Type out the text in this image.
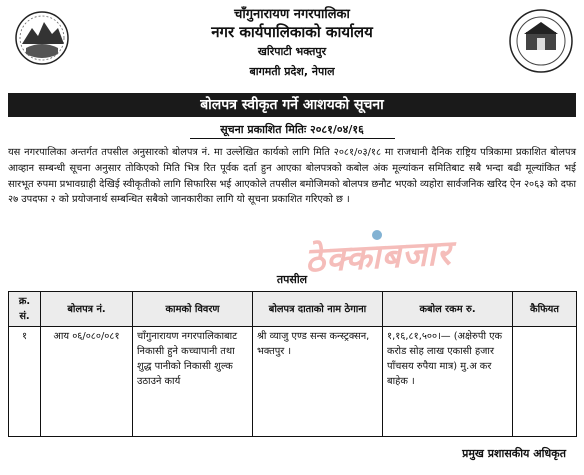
चाँगुनारायण नगरपालिका
नगर कार्यपालिकाको कार्यालय
खरिपाटी भक्तपुर
बागमती प्रदेश, नेपाल
बोलपत्र स्वीकृत गर्ने आशयको सूचना
सूचना प्रकाशित मितिः २०८१/०४/१६
यस नगरपालिका अन्तर्गत तपसील अनुसारको बोलपत्र नं. मा उल्लेखित कार्यको लागि मिति २०८१/०३/१८ मा राजधानी दैनिक राष्ट्रिय पत्रिकामा प्रकाशित बोलपत्र आव्हान सम्बन्धी सूचना अनुसार तोकिएको मिति भित्र रित पूर्वक दर्ता हुन आएका बोलपत्रको कबोल अंक मूल्यांकन समितिबाट सबै भन्दा बढी मूल्यांकित भई सारभूत रुपमा प्रभावग्राही देखिई स्वीकृतीको लागि सिफारिस भई आएकोले तपसील बमोजिमको बोलपत्र छनौट भएको व्यहोरा सार्वजनिक खरिद ऐन २०६३ को दफा २७ उपदफा २ को प्रयोजनार्थ सम्बन्धित सबैको जानकारीका लागि यो सूचना प्रकाशित गरिएको छ ।
ठेक्काबजार
तपसील
क्र. सं.	बोलपत्र नं.	कामको विवरण	बोलपत्र दाताको नाम ठेगाना	कबोल रकम रु.	कैफियत
१	आय ०६/०८०/०८१	चाँगुनारायण नगरपालिकाबाट निकासी हुने कच्चापानी तथा शुद्ध पानीको निकासी शुल्क उठाउने कार्य	श्री व्याजु एण्ड सन्स कन्स्ट्रक्सन, भक्तपुर ।	१,१६,८१,५००।— (अक्षेरुपी एक करोड सोह लाख एकासी हजार पाँचसय रुपैया मात्र) मु.अ कर बाहेक ।	
प्रमुख प्रशासकीय अधिकृत
